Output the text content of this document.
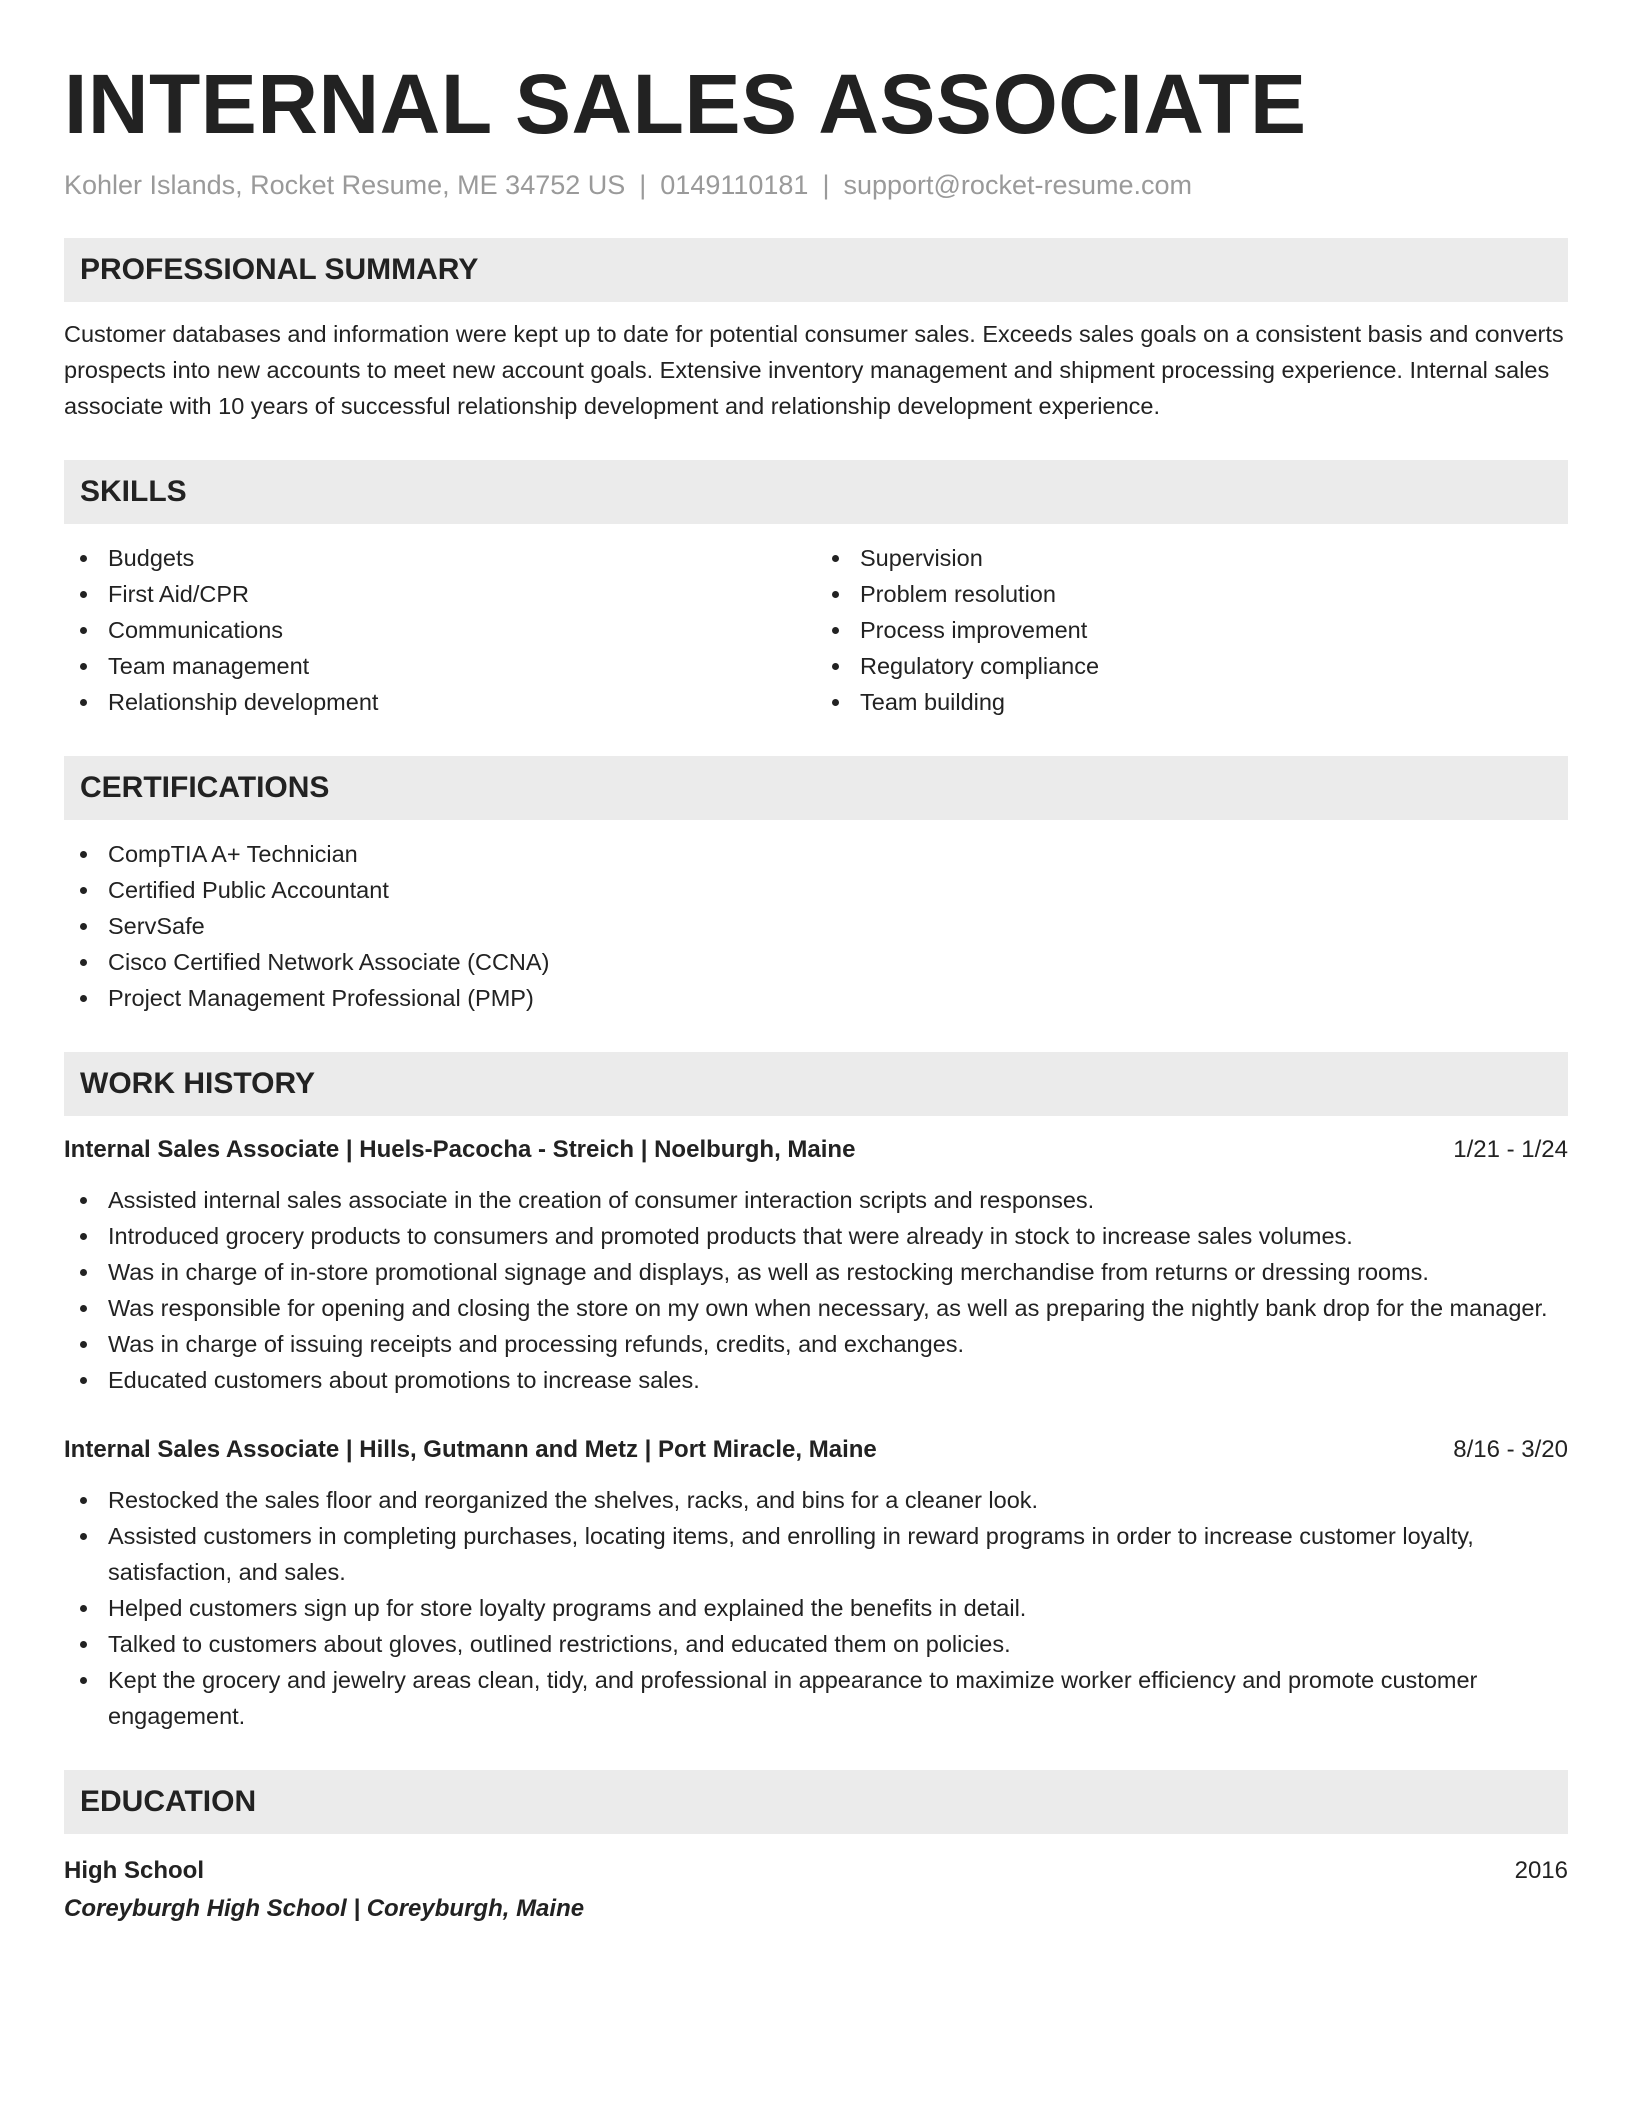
INTERNAL SALES ASSOCIATE
Kohler Islands, Rocket Resume, ME 34752 US | 0149110181 | support@rocket-resume.com
PROFESSIONAL SUMMARY
Customer databases and information were kept up to date for potential consumer sales. Exceeds sales goals on a consistent basis and converts prospects into new accounts to meet new account goals. Extensive inventory management and shipment processing experience. Internal sales associate with 10 years of successful relationship development and relationship development experience.
SKILLS
Budgets
First Aid/CPR
Communications
Team management
Relationship development
Supervision
Problem resolution
Process improvement
Regulatory compliance
Team building
CERTIFICATIONS
CompTIA A+ Technician
Certified Public Accountant
ServSafe
Cisco Certified Network Associate (CCNA)
Project Management Professional (PMP)
WORK HISTORY
Internal Sales Associate | Huels-Pacocha - Streich | Noelburgh, Maine	1/21 - 1/24
Assisted internal sales associate in the creation of consumer interaction scripts and responses.
Introduced grocery products to consumers and promoted products that were already in stock to increase sales volumes.
Was in charge of in-store promotional signage and displays, as well as restocking merchandise from returns or dressing rooms.
Was responsible for opening and closing the store on my own when necessary, as well as preparing the nightly bank drop for the manager.
Was in charge of issuing receipts and processing refunds, credits, and exchanges.
Educated customers about promotions to increase sales.
Internal Sales Associate | Hills, Gutmann and Metz | Port Miracle, Maine	8/16 - 3/20
Restocked the sales floor and reorganized the shelves, racks, and bins for a cleaner look.
Assisted customers in completing purchases, locating items, and enrolling in reward programs in order to increase customer loyalty, satisfaction, and sales.
Helped customers sign up for store loyalty programs and explained the benefits in detail.
Talked to customers about gloves, outlined restrictions, and educated them on policies.
Kept the grocery and jewelry areas clean, tidy, and professional in appearance to maximize worker efficiency and promote customer engagement.
EDUCATION
High School	2016
Coreyburgh High School | Coreyburgh, Maine
